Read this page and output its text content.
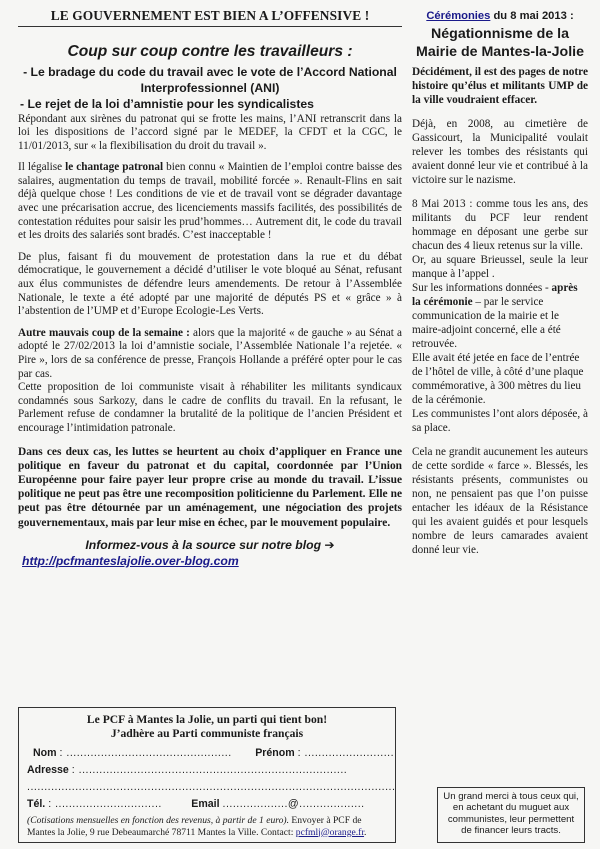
LE GOUVERNEMENT EST BIEN A L’OFFENSIVE !
Coup sur coup contre les travailleurs :
- Le bradage du code du travail avec le vote de l’Accord National Interprofessionnel (ANI)
- Le rejet de la loi d’amnistie pour les syndicalistes

Répondant aux sirènes du patronat qui se frotte les mains, l’ANI retranscrit dans la loi les dispositions de l’accord signé par le MEDEF, la CFDT et la CGC, le 11/01/2013, sur « la flexibilisation du droit du travail ».

Il légalise le chantage patronal bien connu « Maintien de l’emploi contre baisse des salaires, augmentation du temps de travail, mobilité forcée ». Renault-Flins en sait déjà quelque chose ! Les conditions de vie et de travail vont se dégrader davantage avec une précarisation accrue, des licenciements massifs facilités, des possibilités de contestation réduites pour saisir les prud’hommes… Autrement dit, le code du travail et les droits des salariés sont bradés. C’est inacceptable !

De plus, faisant fi du mouvement de protestation dans la rue et du débat démocratique, le gouvernement a décidé d’utiliser le vote bloqué au Sénat, refusant aux élus communistes de défendre leurs amendements. De retour à l’Assemblée Nationale, le texte a été adopté par une majorité de députés PS et « grâce » à l’abstention de l’UMP et d’Europe Ecologie-Les Verts.

Autre mauvais coup de la semaine : alors que la majorité « de gauche » au Sénat a adopté le 27/02/2013 la loi d’amnistie sociale, l’Assemblée Nationale l’a rejetée. « Pire », lors de sa conférence de presse, François Hollande a préféré opter pour le cas par cas.

Cette proposition de loi communiste visait à réhabiliter les militants syndicaux condamnés sous Sarkozy, dans le cadre de conflits du travail. En la refusant, le Parlement refuse de condamner la brutalité de la politique de l’ancien Président et encourage l’intimidation patronale.

Dans ces deux cas, les luttes se heurtent au choix d’appliquer en France une politique en faveur du patronat et du capital, coordonnée par l’Union Européenne pour faire payer leur propre crise au monde du travail. L’issue politique ne peut pas être une recomposition politicienne du Parlement. Elle ne peut pas être détournée par un aménagement, une négociation des projets gouvernementaux, mais par leur mise en échec, par le mouvement populaire.
Informez-vous à la source sur notre blog ➔
http://pcfmanteslajolie.over-blog.com
Le PCF à Mantes la Jolie, un parti qui tient bon!
J’adhère au Parti communiste français
Nom : ................................................ Prénom : ..........................
Adresse : ..............................................................................
...........................................................................................................
Tél. : ...............................	Email ...................@...................
(Cotisations mensuelles en fonction des revenus, à partir de 1 euro). Envoyer à PCF de Mantes la Jolie, 9 rue Debeaumarché 78711 Mantes la Ville. Contact: pcfmlj@orange.fr.
Cérémonies du 8 mai 2013 :
Négationnisme de la Mairie de Mantes-la-Jolie
Décidément, il est des pages de notre histoire qu’élus et militants UMP de la ville voudraient effacer.

Déjà, en 2008, au cimetière de Gassicourt, la Municipalité voulait relever les tombes des résistants qui avaient donné leur vie et contribué à la victoire sur le nazisme.

8 Mai 2013 : comme tous les ans, des militants du PCF leur rendent hommage en déposant une gerbe sur chacun des 4 lieux retenus sur la ville.

Or, au square Brieussel, seule la leur manque à l’appel .

Sur les informations données - après la cérémonie – par le service communication de la mairie et le maire-adjoint concerné, elle a été retrouvée.

Elle avait été jetée en face de l’entrée de l’hôtel de ville, à côté d’une plaque commémorative, à 300 mètres du lieu de la cérémonie.

Les communistes l’ont alors déposée, à sa place.

Cela ne grandit aucunement les auteurs de cette sordide « farce ». Blessés, les résistants présents, communistes ou non, ne pensaient pas que l’on puisse entacher les idéaux de la Résistance qui les avaient guidés et pour lesquels nombre de leurs camarades avaient donné leur vie.

Un grand merci à tous ceux qui, en achetant du muguet aux communistes, leur permettent de financer leurs tracts.
